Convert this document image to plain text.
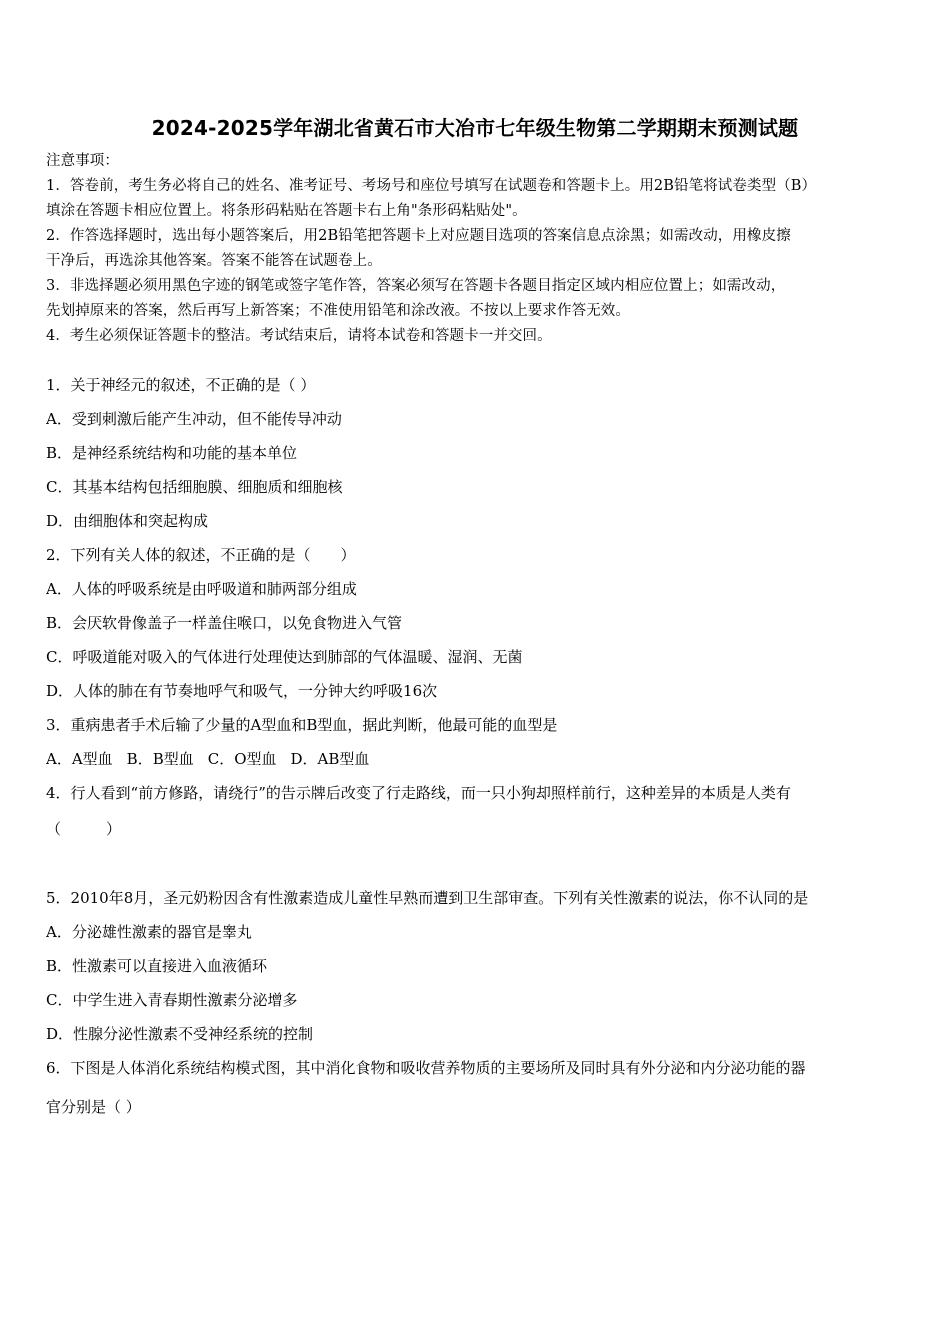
2024-2025学年湖北省黄石市大冶市七年级生物第二学期期末预测试题
注意事项：
1．答卷前，考生务必将自己的姓名、准考证号、考场号和座位号填写在试题卷和答题卡上。用2B铅笔将试卷类型（B）
填涂在答题卡相应位置上。将条形码粘贴在答题卡右上角"条形码粘贴处"。
2．作答选择题时，选出每小题答案后，用2B铅笔把答题卡上对应题目选项的答案信息点涂黑；如需改动，用橡皮擦
干净后，再选涂其他答案。答案不能答在试题卷上。
3．非选择题必须用黑色字迹的钢笔或签字笔作答，答案必须写在答题卡各题目指定区域内相应位置上；如需改动，
先划掉原来的答案，然后再写上新答案；不准使用铅笔和涂改液。不按以上要求作答无效。
4．考生必须保证答题卡的整洁。考试结束后，请将本试卷和答题卡一并交回。
1．关于神经元的叙述，不正确的是（ ）
A．受到刺激后能产生冲动，但不能传导冲动
B．是神经系统结构和功能的基本单位
C．其基本结构包括细胞膜、细胞质和细胞核
D．由细胞体和突起构成
2．下列有关人体的叙述，不正确的是（　　）
A．人体的呼吸系统是由呼吸道和肺两部分组成
B．会厌软骨像盖子一样盖住喉口，以免食物进入气管
C．呼吸道能对吸入的气体进行处理使达到肺部的气体温暖、湿润、无菌
D．人体的肺在有节奏地呼气和吸气，一分钟大约呼吸16次
3．重病患者手术后输了少量的A型血和B型血，据此判断，他最可能的血型是
A．A型血 B．B型血 C．O型血 D．AB型血
4．行人看到“前方修路，请绕行”的告示牌后改变了行走路线，而一只小狗却照样前行，这种差异的本质是人类有
（　　　）
5．2010年8月，圣元奶粉因含有性激素造成儿童性早熟而遭到卫生部审查。下列有关性激素的说法，你不认同的是
A．分泌雄性激素的器官是睾丸
B．性激素可以直接进入血液循环
C．中学生进入青春期性激素分泌增多
D．性腺分泌性激素不受神经系统的控制
6．下图是人体消化系统结构模式图，其中消化食物和吸收营养物质的主要场所及同时具有外分泌和内分泌功能的器
官分别是（ ）
